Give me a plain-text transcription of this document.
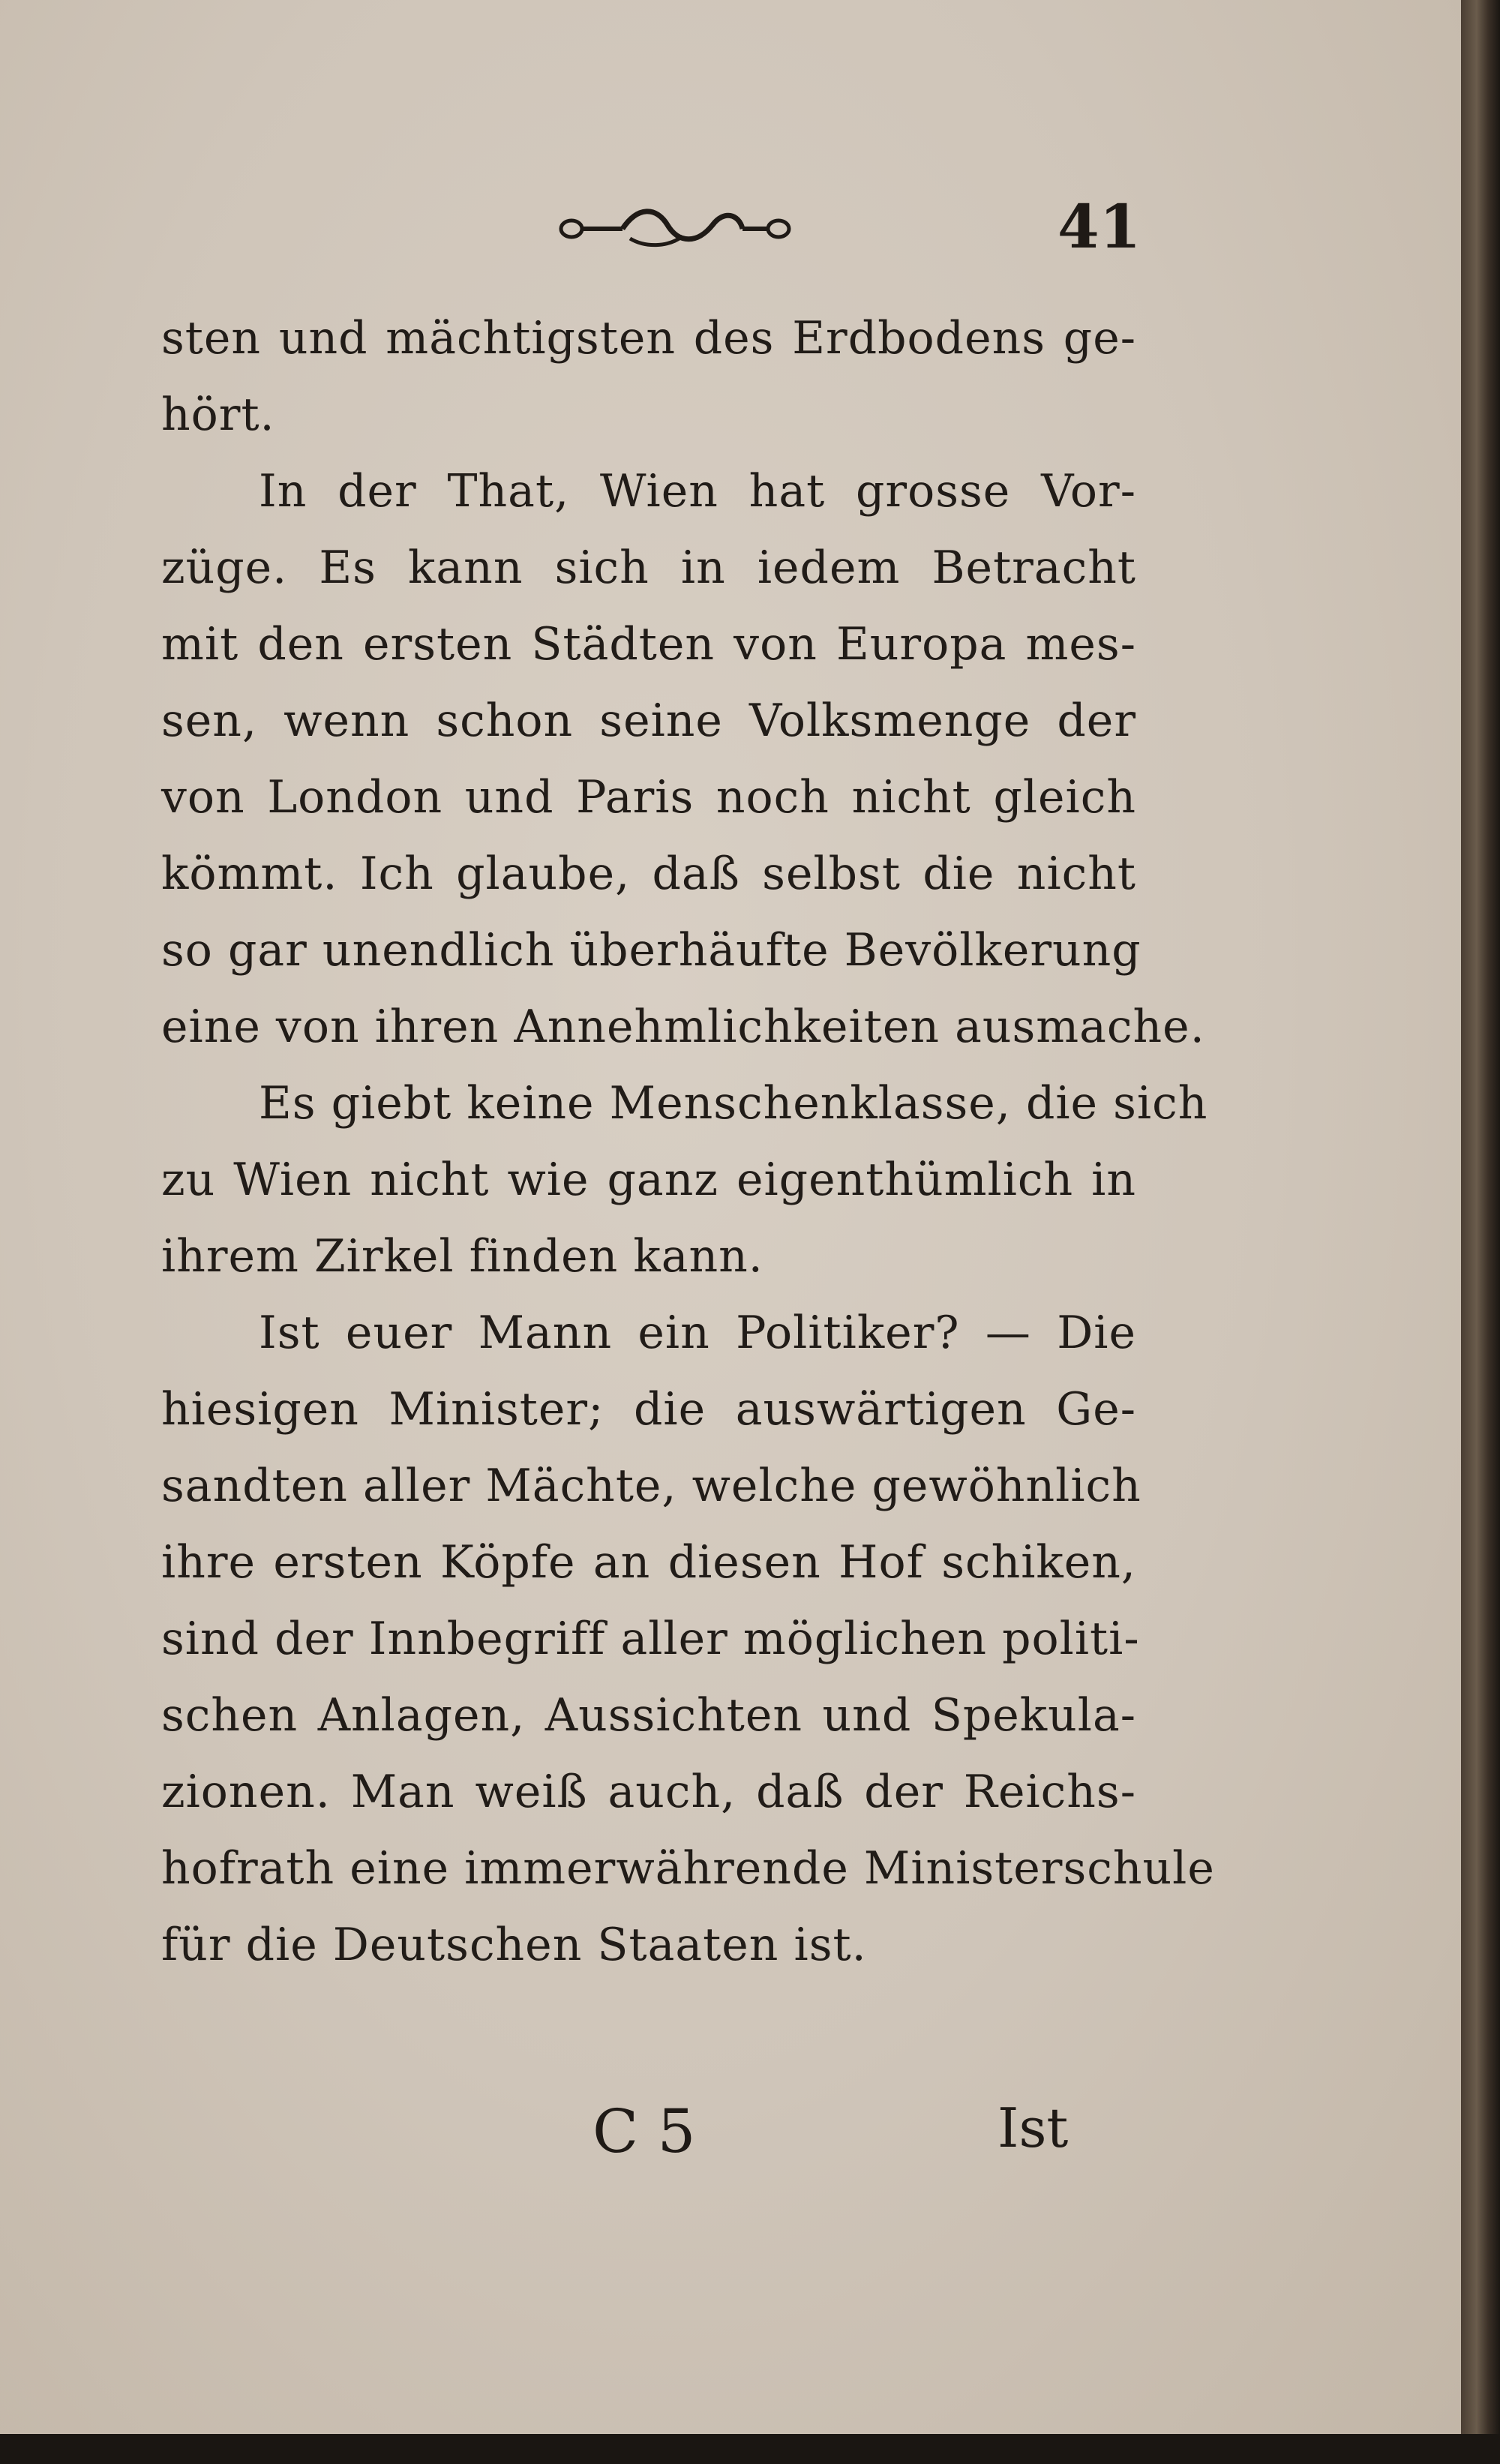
41
sten und mächtigsten des Erdbodens ge-
hört.
In der That, Wien hat grosse Vor-
züge. Es kann sich in iedem Betracht
mit den ersten Städten von Europa mes-
sen, wenn schon seine Volksmenge der
von London und Paris noch nicht gleich
kömmt. Ich glaube, daß selbst die nicht
so gar unendlich überhäufte Bevölkerung
eine von ihren Annehmlichkeiten ausmache.
Es giebt keine Menschenklasse, die sich
zu Wien nicht wie ganz eigenthümlich in
ihrem Zirkel finden kann.
Ist euer Mann ein Politiker? — Die
hiesigen Minister; die auswärtigen Ge-
sandten aller Mächte, welche gewöhnlich
ihre ersten Köpfe an diesen Hof schiken,
sind der Innbegriff aller möglichen politi-
schen Anlagen, Aussichten und Spekula-
zionen. Man weiß auch, daß der Reichs-
hofrath eine immerwährende Ministerschule
für die Deutschen Staaten ist.
C 5	Ist
